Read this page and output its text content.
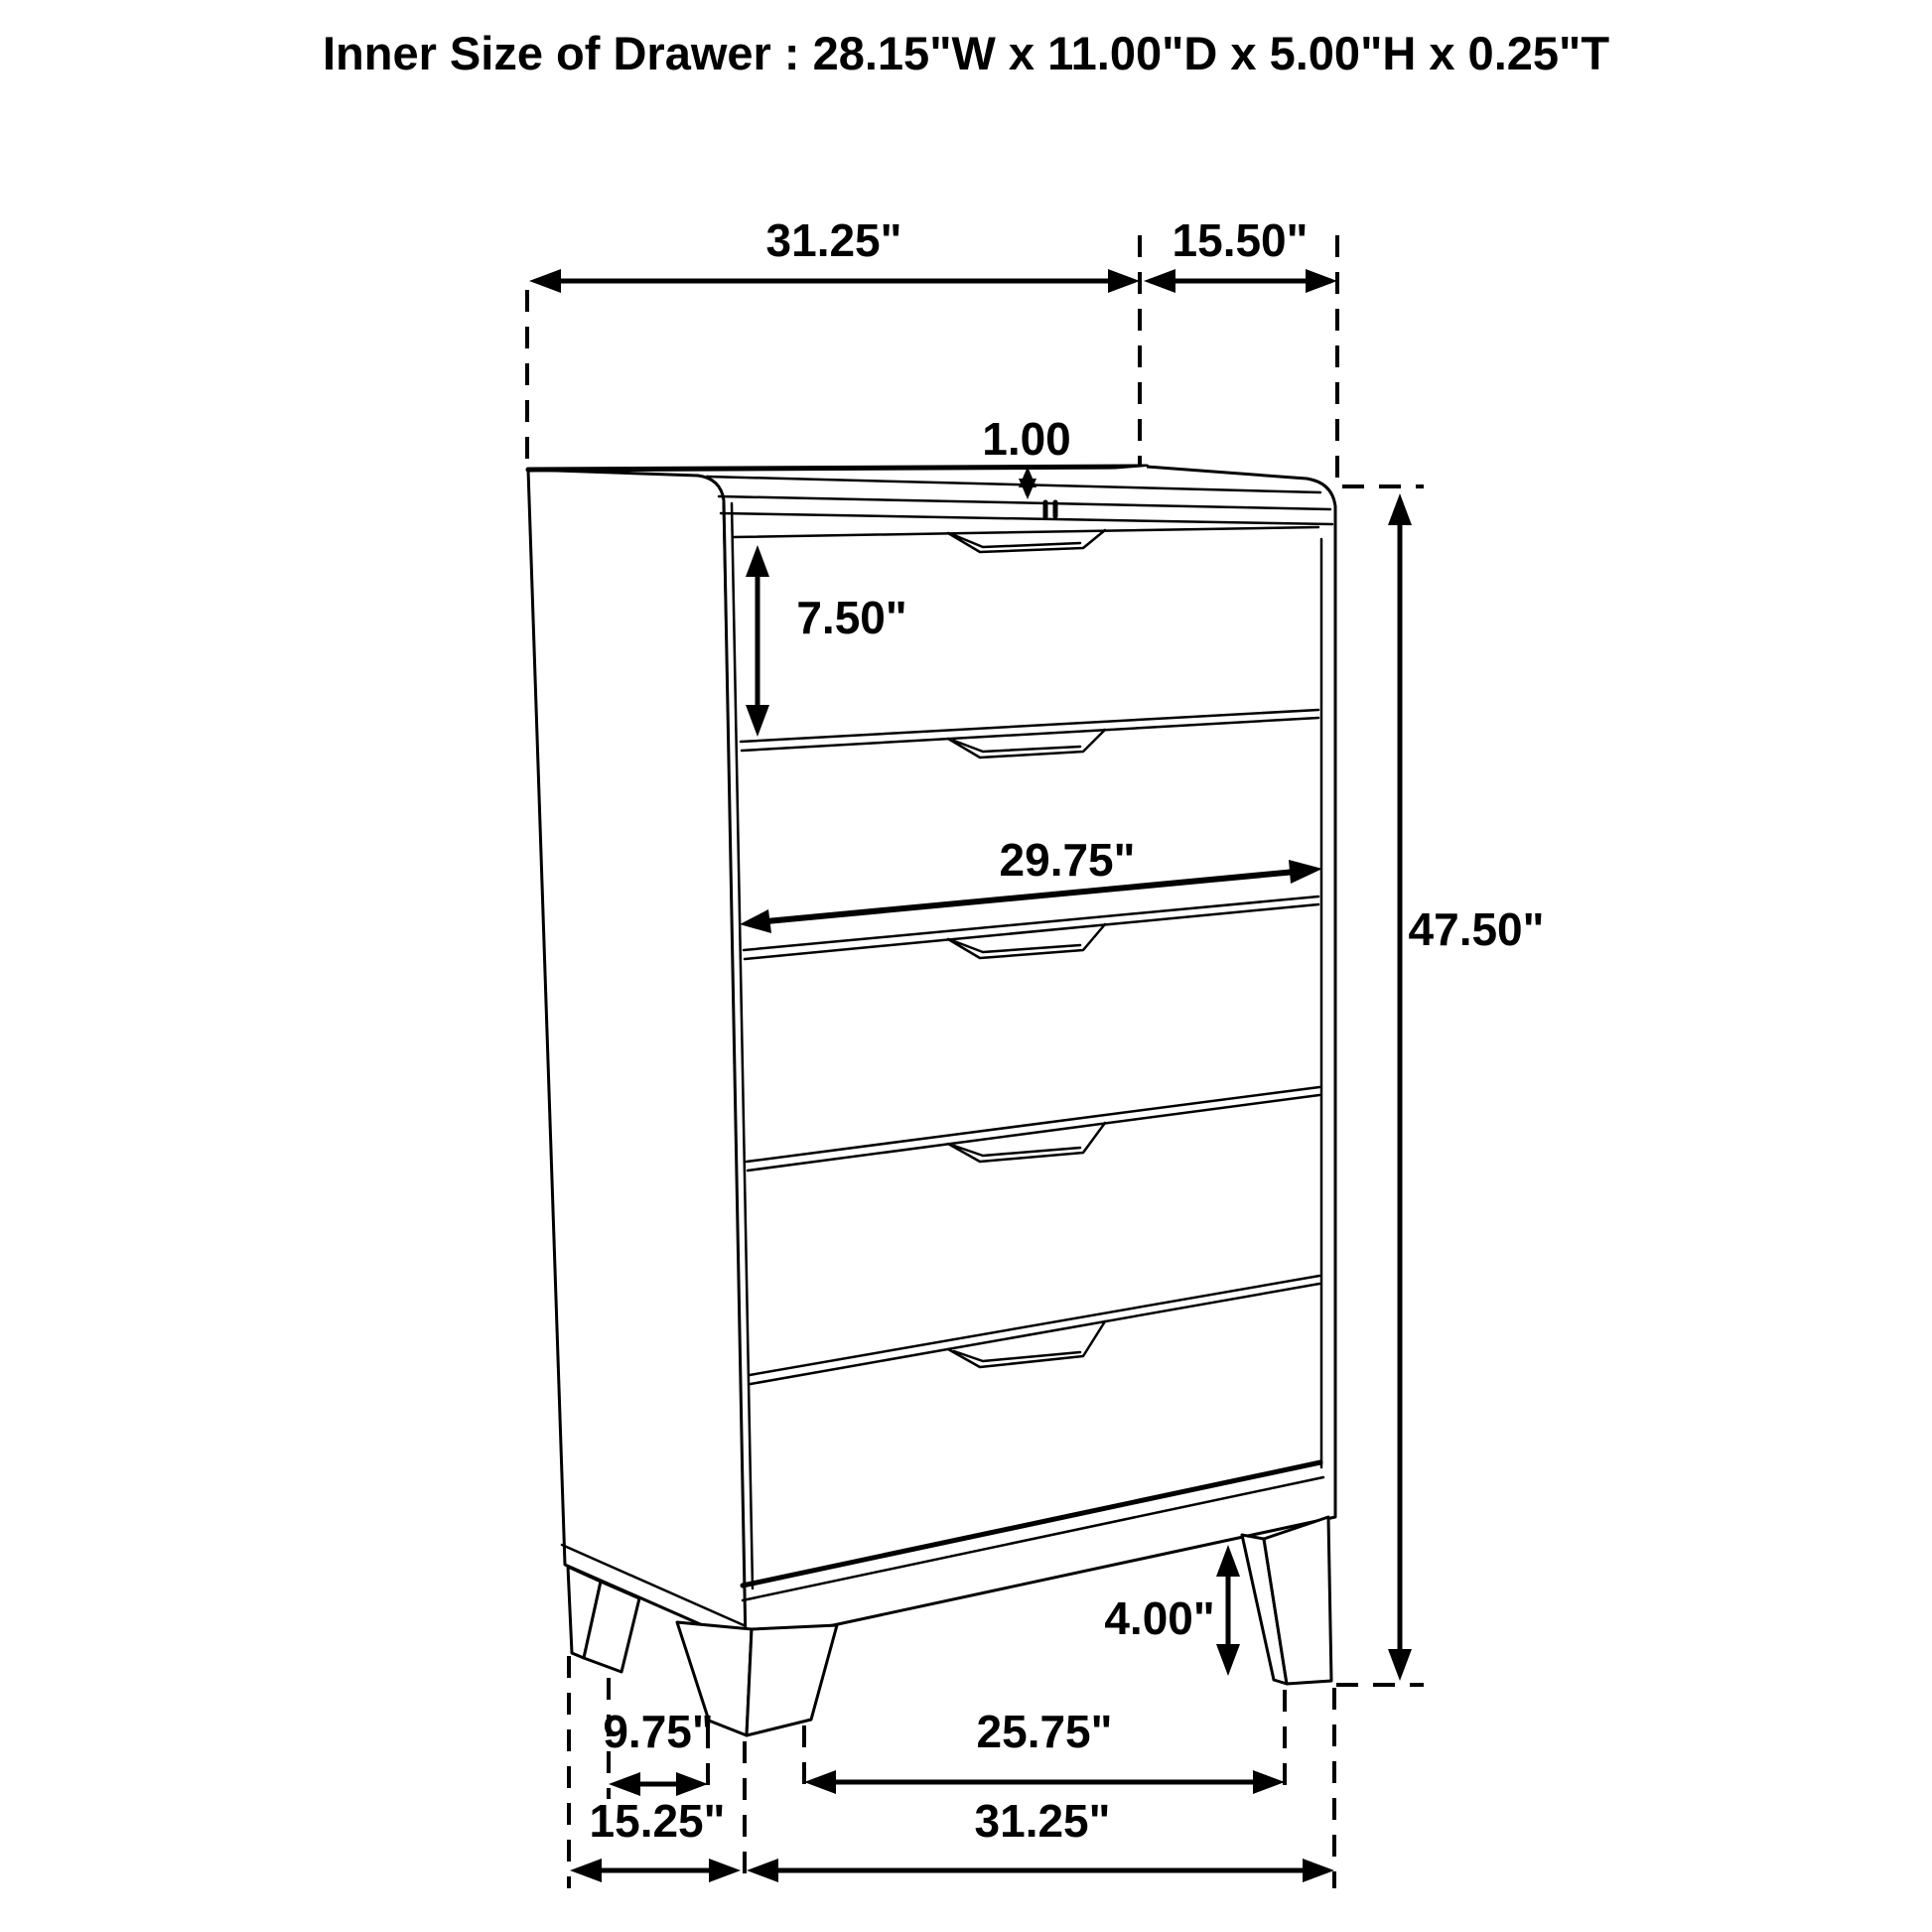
Inner Size of Drawer : 28.15"W x 11.00"D x 5.00"H x 0.25"T
31.25"	15.50"
1.00
7.50"
29.75"
47.50"
4.00"
9.75"	25.75"
15.25"	31.25"
